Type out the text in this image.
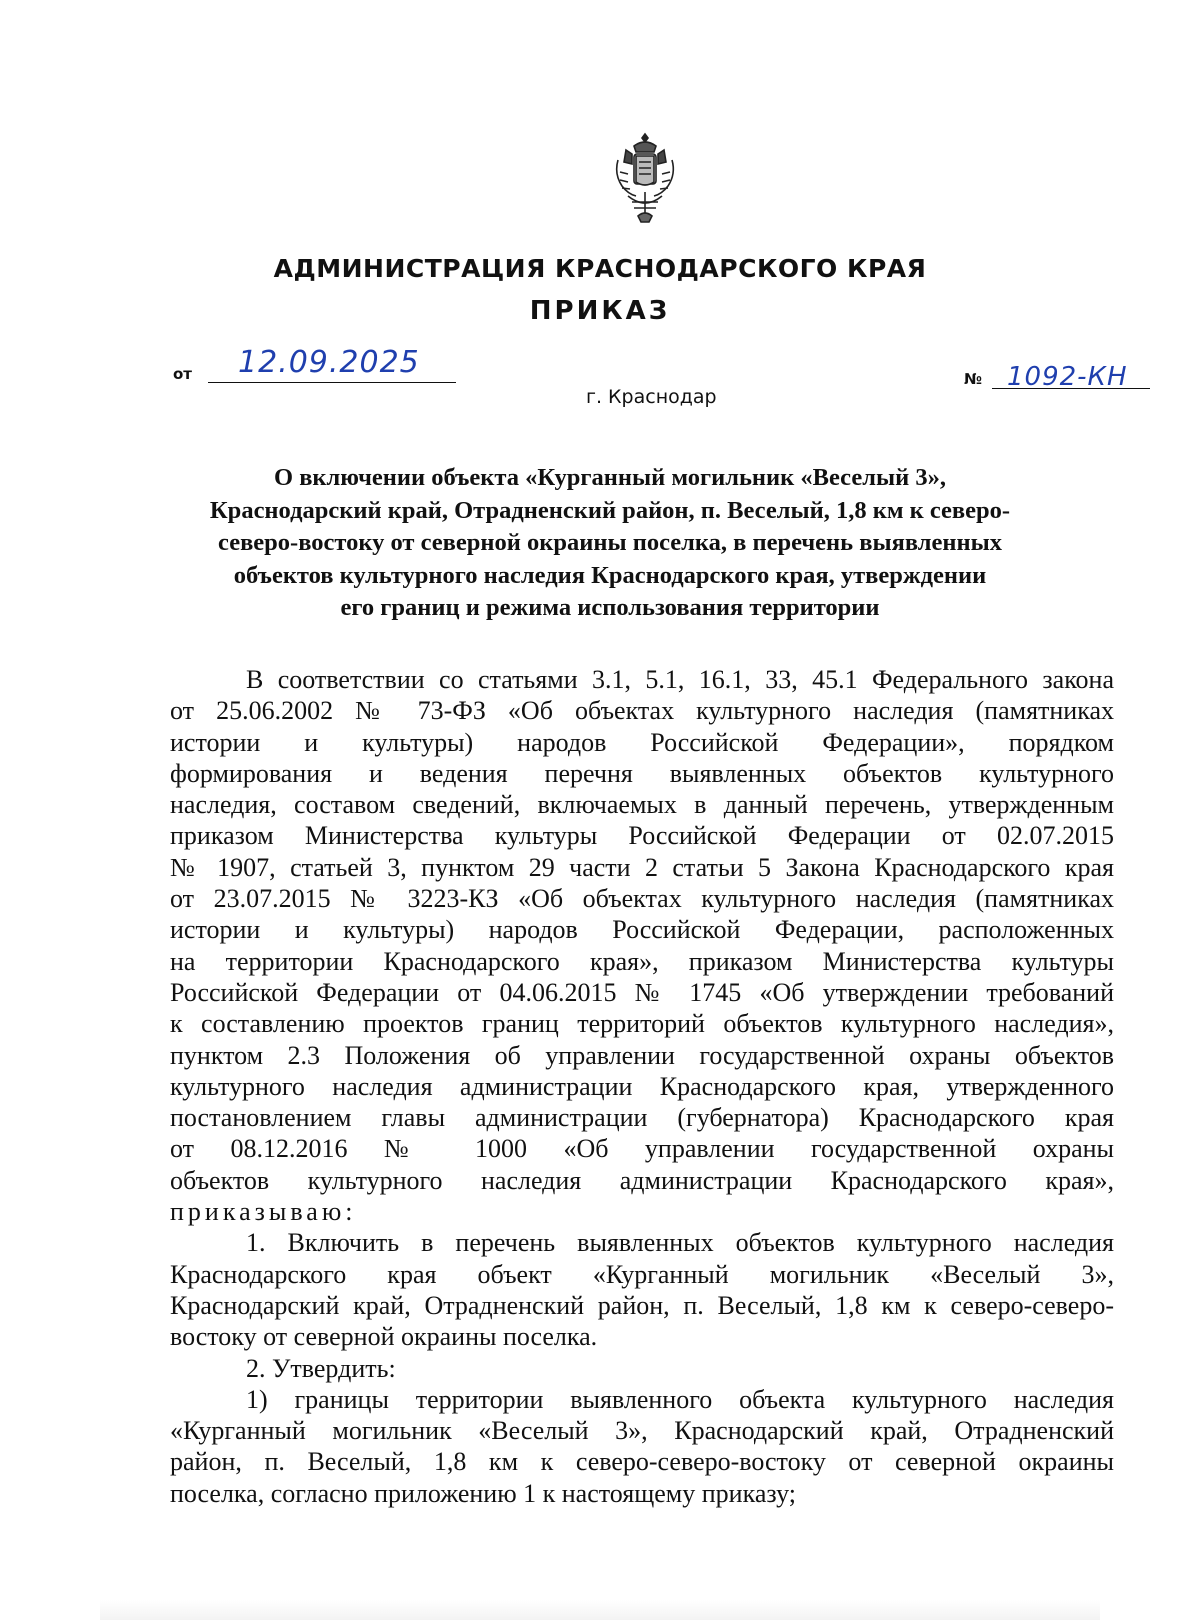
АДМИНИСТРАЦИЯ КРАСНОДАРСКОГО КРАЯ
ПРИКАЗ
от 12.09.2025	№ 1092-КН
г. Краснодар
О включении объекта «Курганный могильник «Веселый 3»,
Краснодарский край, Отрадненский район, п. Веселый, 1,8 км к северо-
северо-востоку от северной окраины поселка, в перечень выявленных
объектов культурного наследия Краснодарского края, утверждении
его границ и режима использования территории
В соответствии со статьями 3.1, 5.1, 16.1, 33, 45.1 Федерального закона
от 25.06.2002 № 73-ФЗ «Об объектах культурного наследия (памятниках
истории и культуры) народов Российской Федерации», порядком
формирования и ведения перечня выявленных объектов культурного
наследия, составом сведений, включаемых в данный перечень, утвержденным
приказом Министерства культуры Российской Федерации от 02.07.2015
№ 1907, статьей 3, пунктом 29 части 2 статьи 5 Закона Краснодарского края
от 23.07.2015 № 3223-КЗ «Об объектах культурного наследия (памятниках
истории и культуры) народов Российской Федерации, расположенных
на территории Краснодарского края», приказом Министерства культуры
Российской Федерации от 04.06.2015 № 1745 «Об утверждении требований
к составлению проектов границ территорий объектов культурного наследия»,
пунктом 2.3 Положения об управлении государственной охраны объектов
культурного наследия администрации Краснодарского края, утвержденного
постановлением главы администрации (губернатора) Краснодарского края
от 08.12.2016 № 1000 «Об управлении государственной охраны
объектов культурного наследия администрации Краснодарского края»,
приказываю:
1. Включить в перечень выявленных объектов культурного наследия
Краснодарского края объект «Курганный могильник «Веселый 3»,
Краснодарский край, Отрадненский район, п. Веселый, 1,8 км к северо-северо-
востоку от северной окраины поселка.
2. Утвердить:
1) границы территории выявленного объекта культурного наследия
«Курганный могильник «Веселый 3», Краснодарский край, Отрадненский
район, п. Веселый, 1,8 км к северо-северо-востоку от северной окраины
поселка, согласно приложению 1 к настоящему приказу;
